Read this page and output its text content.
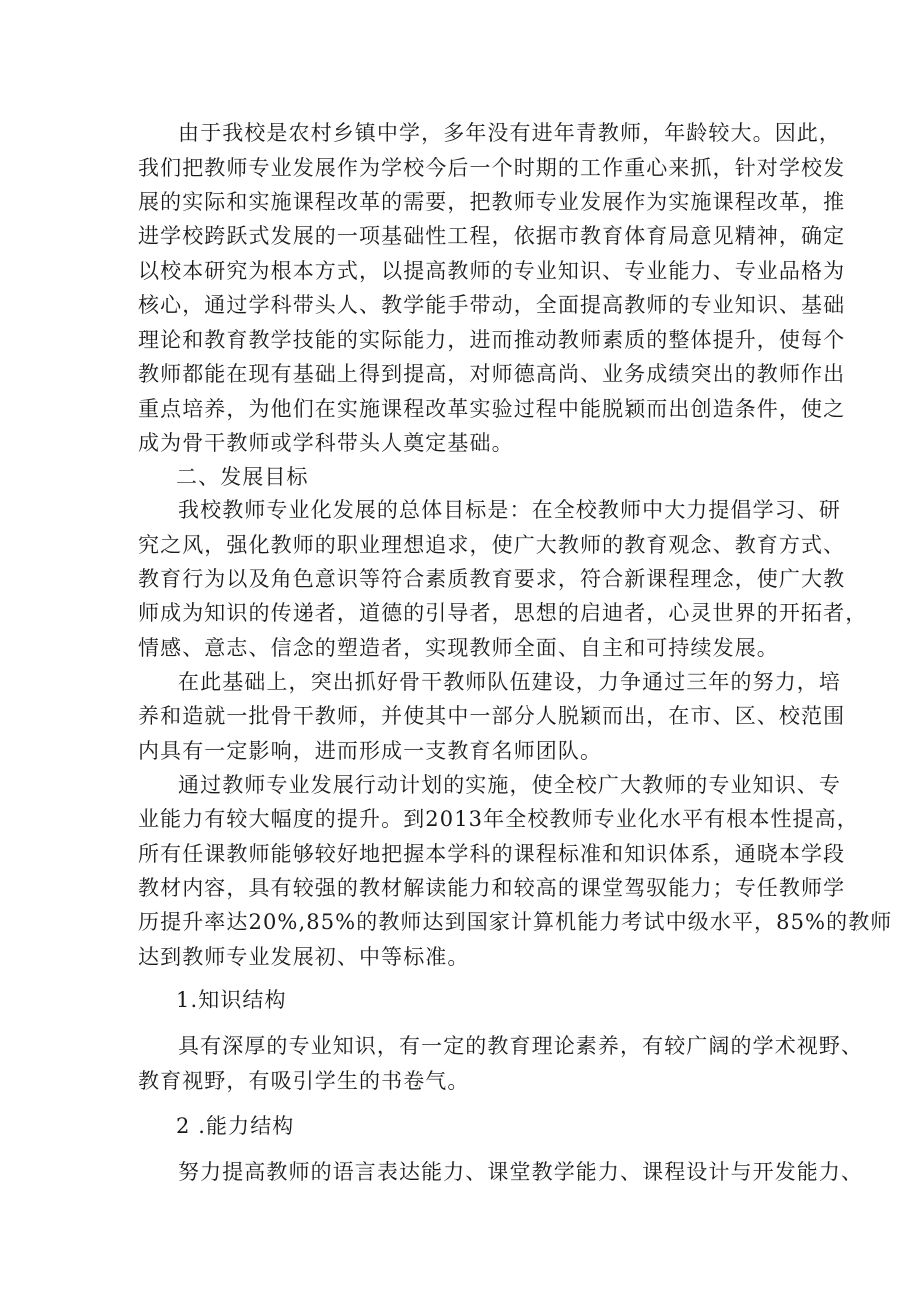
由于我校是农村乡镇中学，多年没有进年青教师，年龄较大。因此，
我们把教师专业发展作为学校今后一个时期的工作重心来抓，针对学校发
展的实际和实施课程改革的需要，把教师专业发展作为实施课程改革，推
进学校跨跃式发展的一项基础性工程，依据市教育体育局意见精神，确定
以校本研究为根本方式，以提高教师的专业知识、专业能力、专业品格为
核心，通过学科带头人、教学能手带动，全面提高教师的专业知识、基础
理论和教育教学技能的实际能力，进而推动教师素质的整体提升，使每个
教师都能在现有基础上得到提高，对师德高尚、业务成绩突出的教师作出
重点培养，为他们在实施课程改革实验过程中能脱颖而出创造条件，使之
成为骨干教师或学科带头人奠定基础。
二、发展目标
我校教师专业化发展的总体目标是：在全校教师中大力提倡学习、研
究之风，强化教师的职业理想追求，使广大教师的教育观念、教育方式、
教育行为以及角色意识等符合素质教育要求，符合新课程理念，使广大教
师成为知识的传递者，道德的引导者，思想的启迪者，心灵世界的开拓者，
情感、意志、信念的塑造者，实现教师全面、自主和可持续发展。
在此基础上，突出抓好骨干教师队伍建设，力争通过三年的努力，培
养和造就一批骨干教师，并使其中一部分人脱颖而出，在市、区、校范围
内具有一定影响，进而形成一支教育名师团队。
通过教师专业发展行动计划的实施，使全校广大教师的专业知识、专
业能力有较大幅度的提升。到2013年全校教师专业化水平有根本性提高，
所有任课教师能够较好地把握本学科的课程标准和知识体系，通晓本学段
教材内容，具有较强的教材解读能力和较高的课堂驾驭能力；专任教师学
历提升率达20%,85%的教师达到国家计算机能力考试中级水平，85%的教师
达到教师专业发展初、中等标准。
1.知识结构
具有深厚的专业知识，有一定的教育理论素养，有较广阔的学术视野、
教育视野，有吸引学生的书卷气。
2 .能力结构
努力提高教师的语言表达能力、课堂教学能力、课程设计与开发能力、
